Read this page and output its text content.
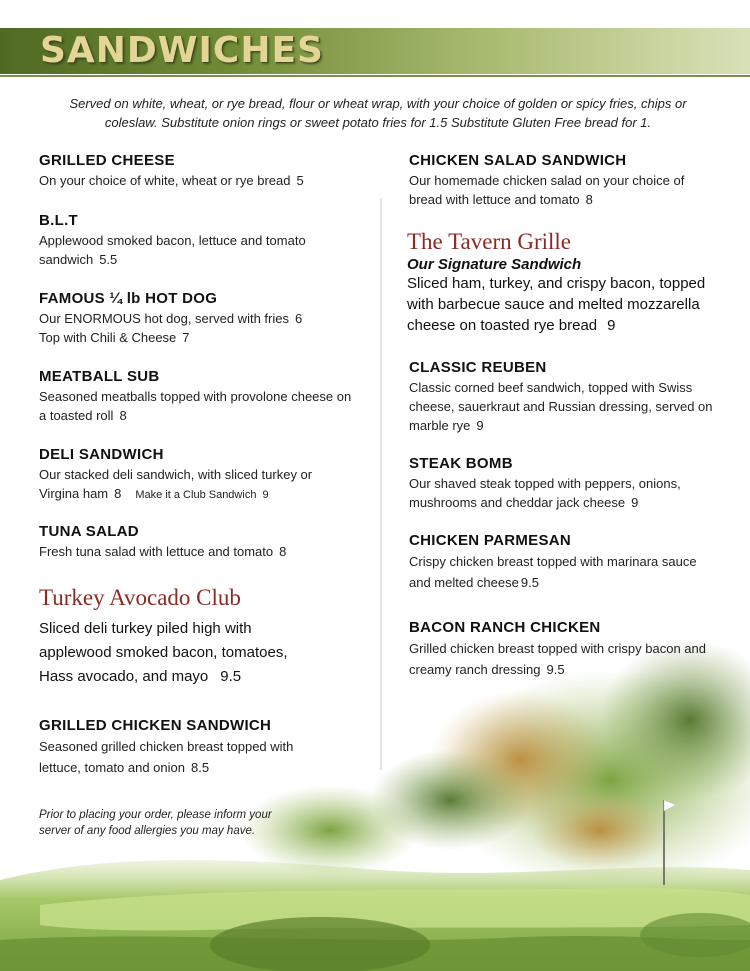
SANDWICHES
Served on white, wheat, or rye bread, flour or wheat wrap, with your choice of golden or spicy fries, chips or coleslaw. Substitute onion rings or sweet potato fries for 1.5 Substitute Gluten Free bread for 1.
GRILLED CHEESE
On your choice of white, wheat or rye bread 5
B.L.T
Applewood smoked bacon, lettuce and tomato sandwich 5.5
FAMOUS ¼ lb HOT DOG
Our ENORMOUS hot dog, served with fries 6
Top with Chili & Cheese 7
MEATBALL SUB
Seasoned meatballs topped with provolone cheese on a toasted roll 8
DELI SANDWICH
Our stacked deli sandwich, with sliced turkey or Virgina ham 8 Make it a Club Sandwich 9
TUNA SALAD
Fresh tuna salad with lettuce and tomato 8
Turkey Avocado Club
Sliced deli turkey piled high with applewood smoked bacon, tomatoes, Hass avocado, and mayo 9.5
GRILLED CHICKEN SANDWICH
Seasoned grilled chicken breast topped with lettuce, tomato and onion 8.5
CHICKEN SALAD SANDWICH
Our homemade chicken salad on your choice of bread with lettuce and tomato 8
The Tavern Grille
Our Signature Sandwich
Sliced ham, turkey, and crispy bacon, topped with barbecue sauce and melted mozzarella cheese on toasted rye bread 9
CLASSIC REUBEN
Classic corned beef sandwich, topped with Swiss cheese, sauerkraut and Russian dressing, served on marble rye 9
STEAK BOMB
Our shaved steak topped with peppers, onions, mushrooms and cheddar jack cheese 9
CHICKEN PARMESAN
Crispy chicken breast topped with marinara sauce and melted cheese 9.5
BACON RANCH CHICKEN
Grilled chicken breast topped with crispy bacon and creamy ranch dressing 9.5
Prior to placing your order, please inform your server of any food allergies you may have.
